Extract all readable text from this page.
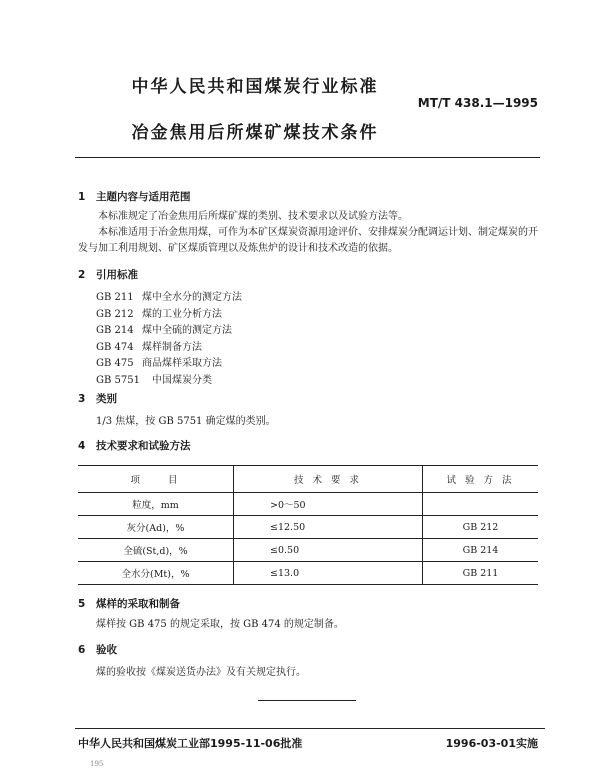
中华人民共和国煤炭行业标准
MT/T 438.1—1995
冶金焦用后所煤矿煤技术条件
1 主题内容与适用范围
本标准规定了冶金焦用后所煤矿煤的类别、技术要求以及试验方法等。
本标准适用于冶金焦用煤，可作为本矿区煤炭资源用途评价、安排煤炭分配调运计划、制定煤炭的开发与加工利用规划、矿区煤质管理以及炼焦炉的设计和技术改造的依据。
2 引用标准
GB 211 煤中全水分的测定方法
GB 212 煤的工业分析方法
GB 214 煤中全硫的测定方法
GB 474 煤样制备方法
GB 475 商品煤样采取方法
GB 5751 中国煤炭分类
3 类别
1/3 焦煤，按 GB 5751 确定煤的类别。
4 技术要求和试验方法
项　　目	技 术 要 求	试 验 方 法
粒度，mm	>0～50	
灰分(Ad)，%	≤12.50	GB 212
全硫(St,d)，%	≤0.50	GB 214
全水分(Mt)，%	≤13.0	GB 211
5 煤样的采取和制备
煤样按 GB 475 的规定采取，按 GB 474 的规定制备。
6 验收
煤的验收按《煤炭送货办法》及有关规定执行。
中华人民共和国煤炭工业部1995-11-06批准	1996-03-01实施
195
